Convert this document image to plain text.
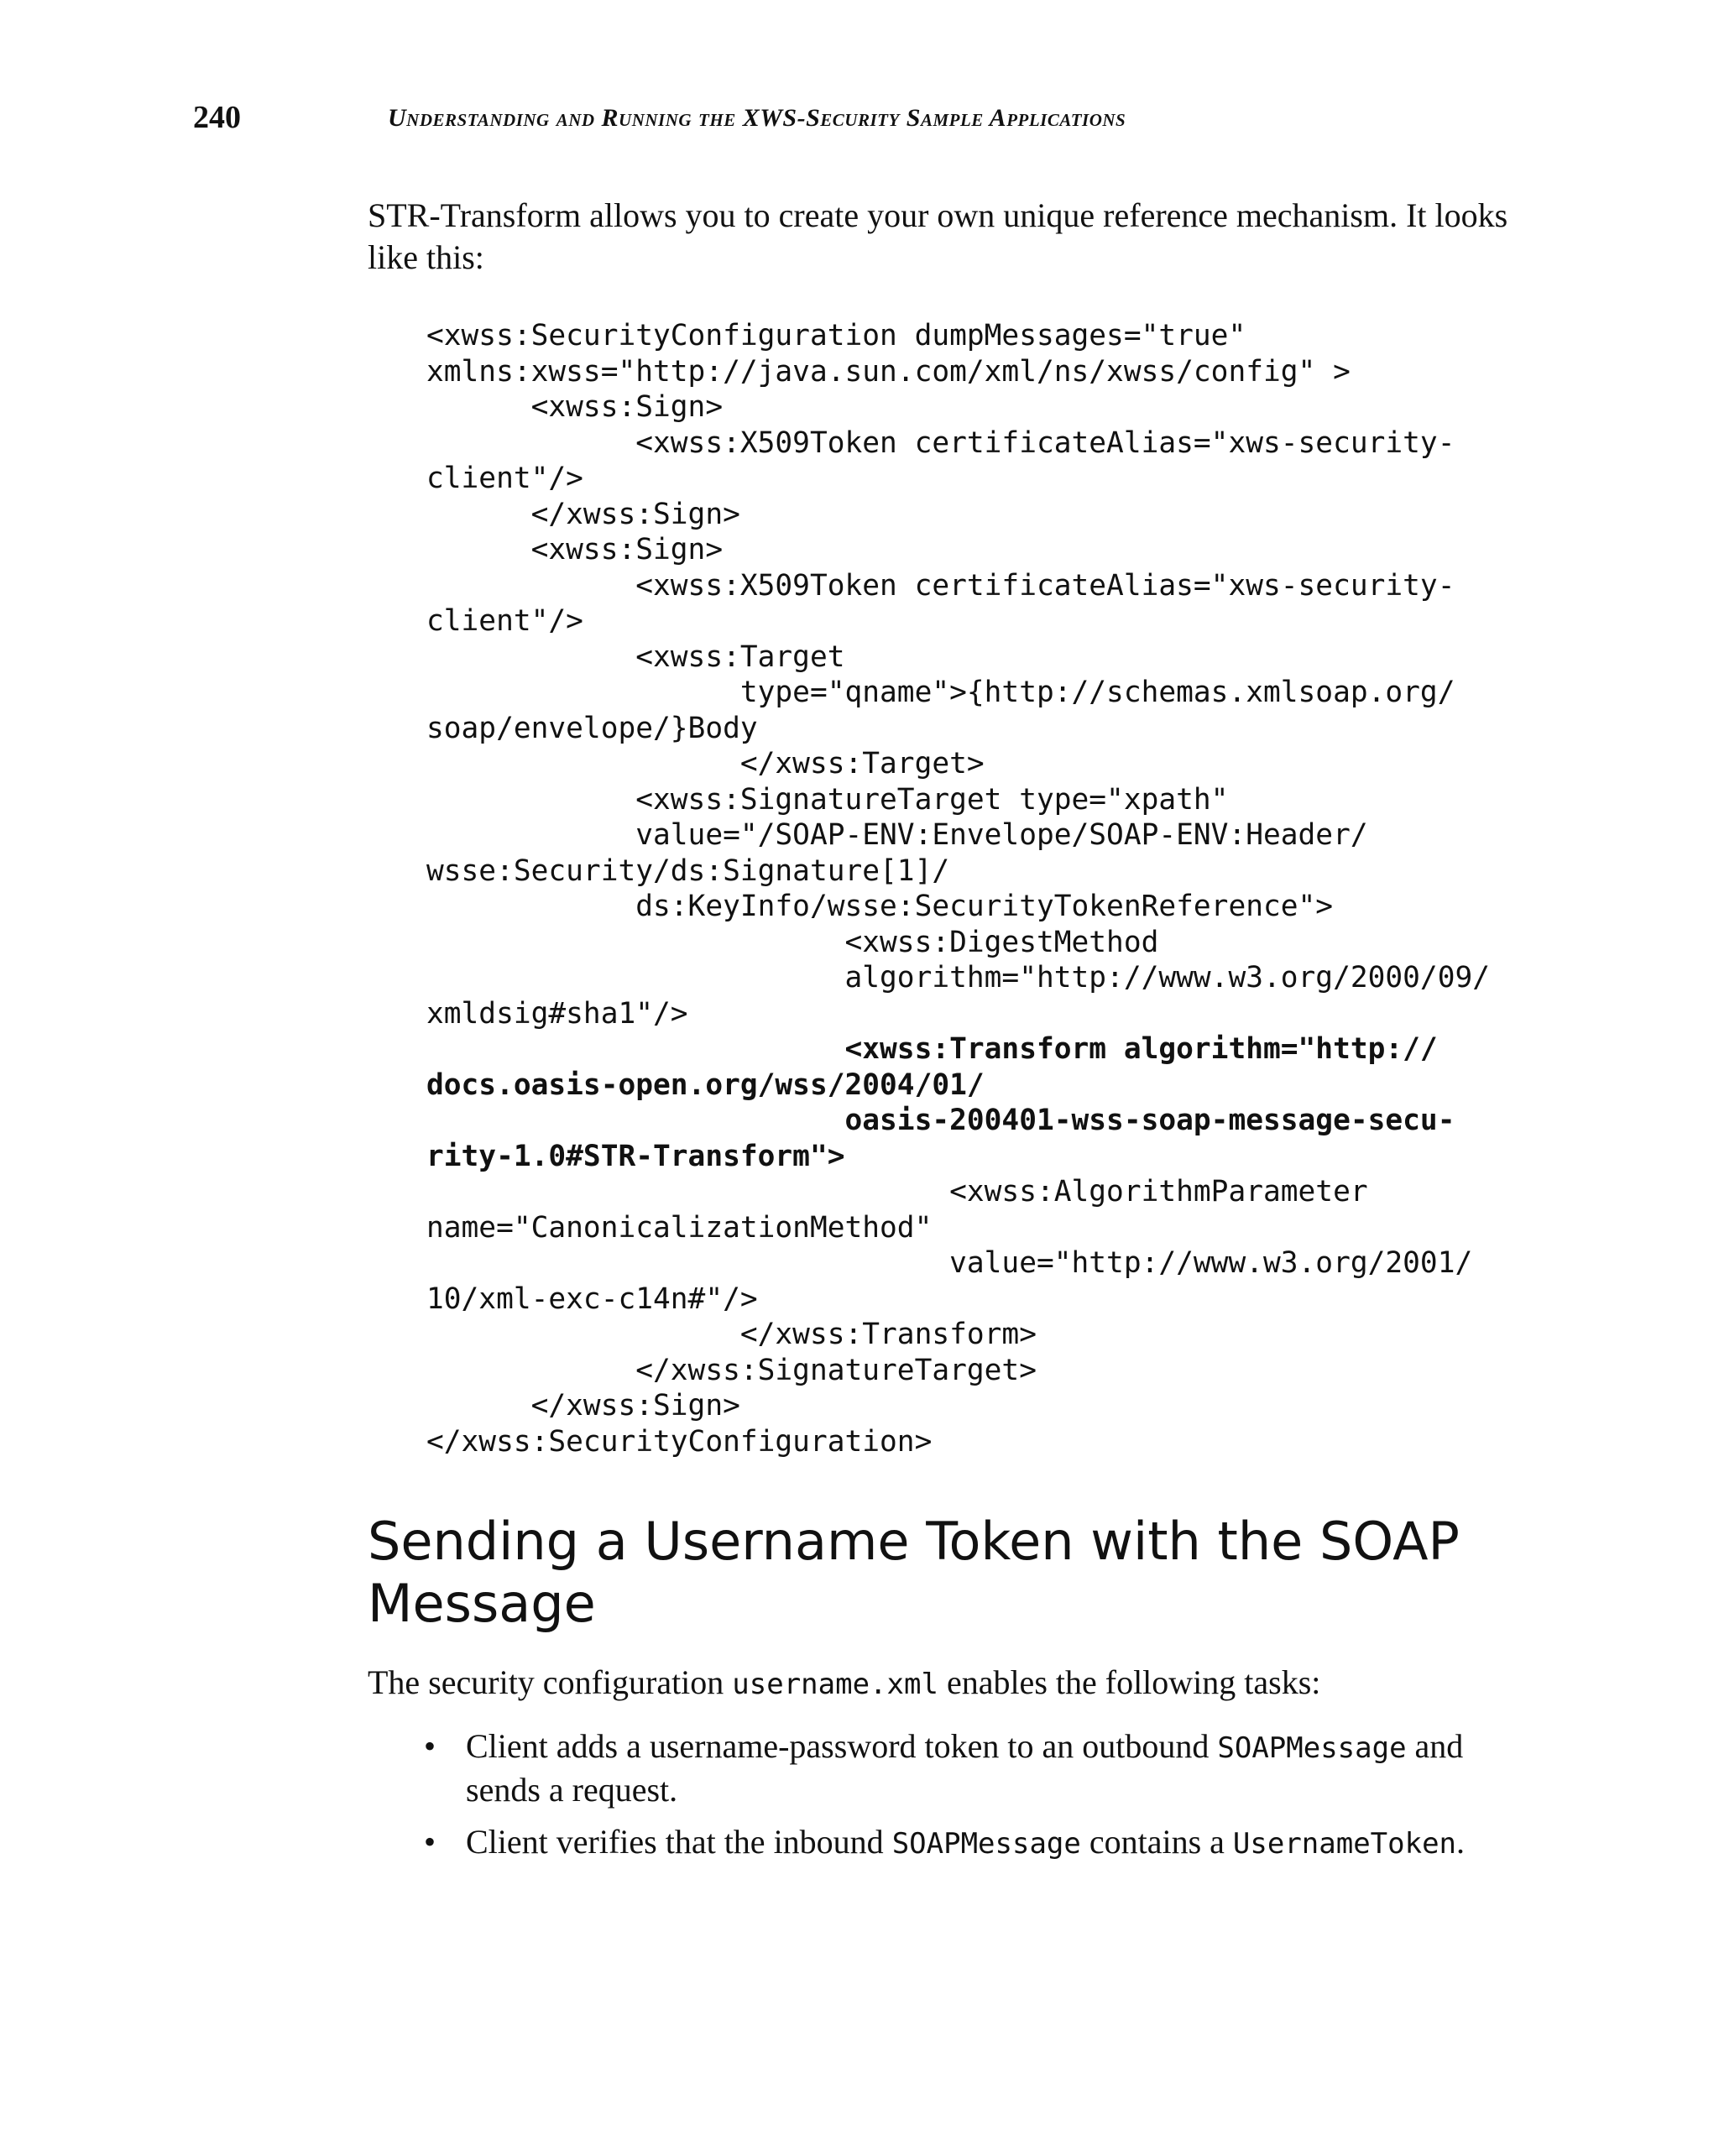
240	Understanding and Running the XWS-Security Sample Applications

STR-Transform allows you to create your own unique reference mechanism. It looks like this:

<xwss:SecurityConfiguration dumpMessages="true"
xmlns:xwss="http://java.sun.com/xml/ns/xwss/config" >
<xwss:Sign>
<xwss:X509Token certificateAlias="xws-security-
client"/>
</xwss:Sign>
<xwss:Sign>
<xwss:X509Token certificateAlias="xws-security-
client"/>
<xwss:Target
type="qname">{http://schemas.xmlsoap.org/
soap/envelope/}Body
</xwss:Target>
<xwss:SignatureTarget type="xpath"
value="/SOAP-ENV:Envelope/SOAP-ENV:Header/
wsse:Security/ds:Signature[1]/
ds:KeyInfo/wsse:SecurityTokenReference">
<xwss:DigestMethod
algorithm="http://www.w3.org/2000/09/
xmldsig#sha1"/>
<xwss:Transform algorithm="http://
docs.oasis-open.org/wss/2004/01/
oasis-200401-wss-soap-message-secu-
rity-1.0#STR-Transform">
<xwss:AlgorithmParameter
name="CanonicalizationMethod"
value="http://www.w3.org/2001/
10/xml-exc-c14n#"/>
</xwss:Transform>
</xwss:SignatureTarget>
</xwss:Sign>
</xwss:SecurityConfiguration>
Sending a Username Token with the SOAP Message

The security configuration username.xml enables the following tasks:

• Client adds a username-password token to an outbound SOAPMessage and sends a request.
• Client verifies that the inbound SOAPMessage contains a UsernameToken.
